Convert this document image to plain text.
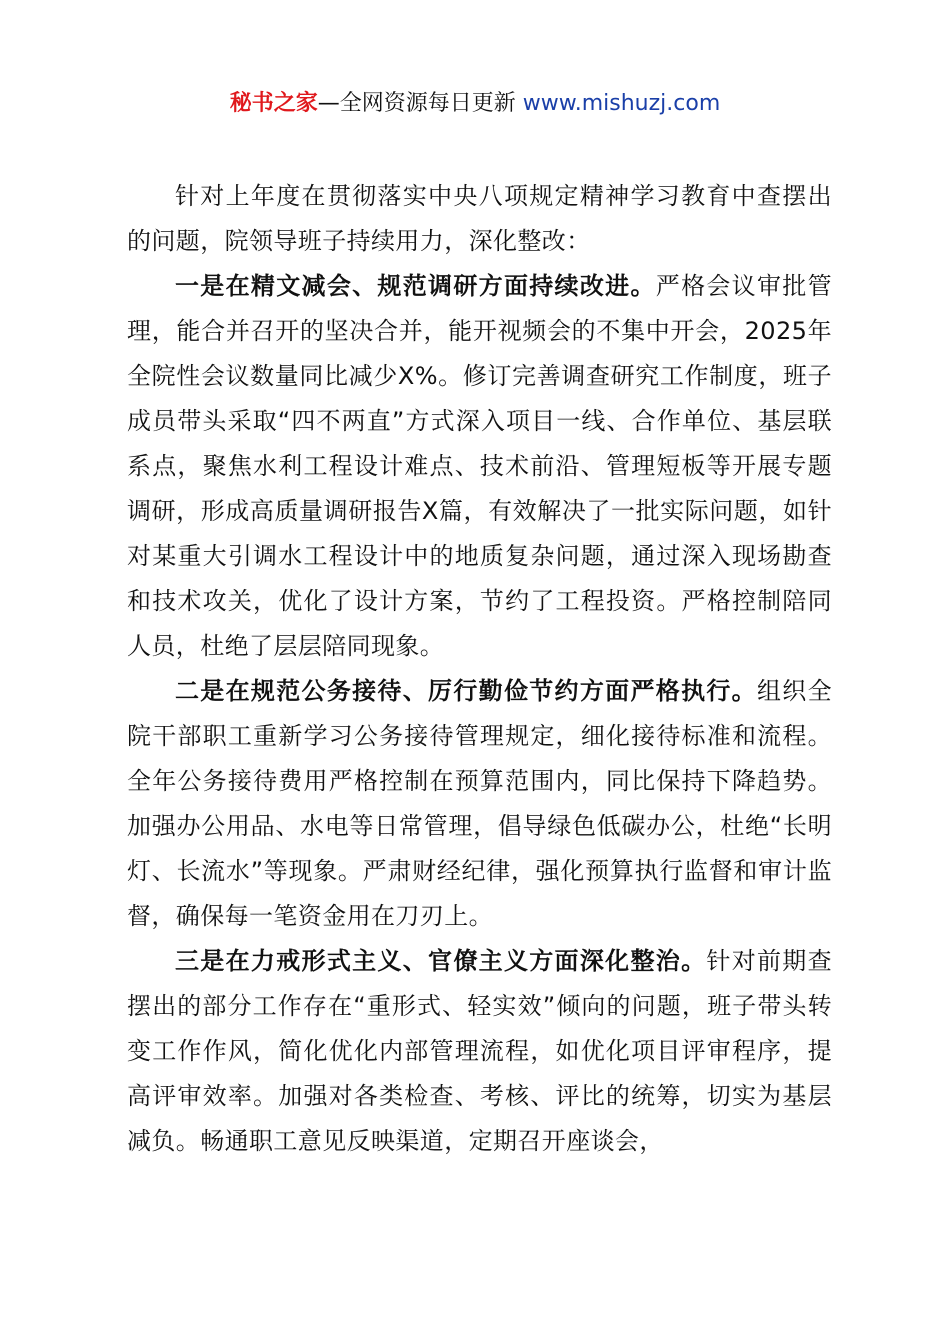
秘书之家—全网资源每日更新 www.mishuzj.com

针对上年度在贯彻落实中央八项规定精神学习教育中查摆出的问题，院领导班子持续用力，深化整改：

一是在精文减会、规范调研方面持续改进。严格会议审批管理，能合并召开的坚决合并，能开视频会的不集中开会，2025年全院性会议数量同比减少X%。修订完善调查研究工作制度，班子成员带头采取“四不两直”方式深入项目一线、合作单位、基层联系点，聚焦水利工程设计难点、技术前沿、管理短板等开展专题调研，形成高质量调研报告X篇，有效解决了一批实际问题，如针对某重大引调水工程设计中的地质复杂问题，通过深入现场勘查和技术攻关，优化了设计方案，节约了工程投资。严格控制陪同人员，杜绝了层层陪同现象。

二是在规范公务接待、厉行勤俭节约方面严格执行。组织全院干部职工重新学习公务接待管理规定，细化接待标准和流程。全年公务接待费用严格控制在预算范围内，同比保持下降趋势。加强办公用品、水电等日常管理，倡导绿色低碳办公，杜绝“长明灯、长流水”等现象。严肃财经纪律，强化预算执行监督和审计监督，确保每一笔资金用在刀刃上。

三是在力戒形式主义、官僚主义方面深化整治。针对前期查摆出的部分工作存在“重形式、轻实效”倾向的问题，班子带头转变工作作风，简化优化内部管理流程，如优化项目评审程序，提高评审效率。加强对各类检查、考核、评比的统筹，切实为基层减负。畅通职工意见反映渠道，定期召开座谈会，
